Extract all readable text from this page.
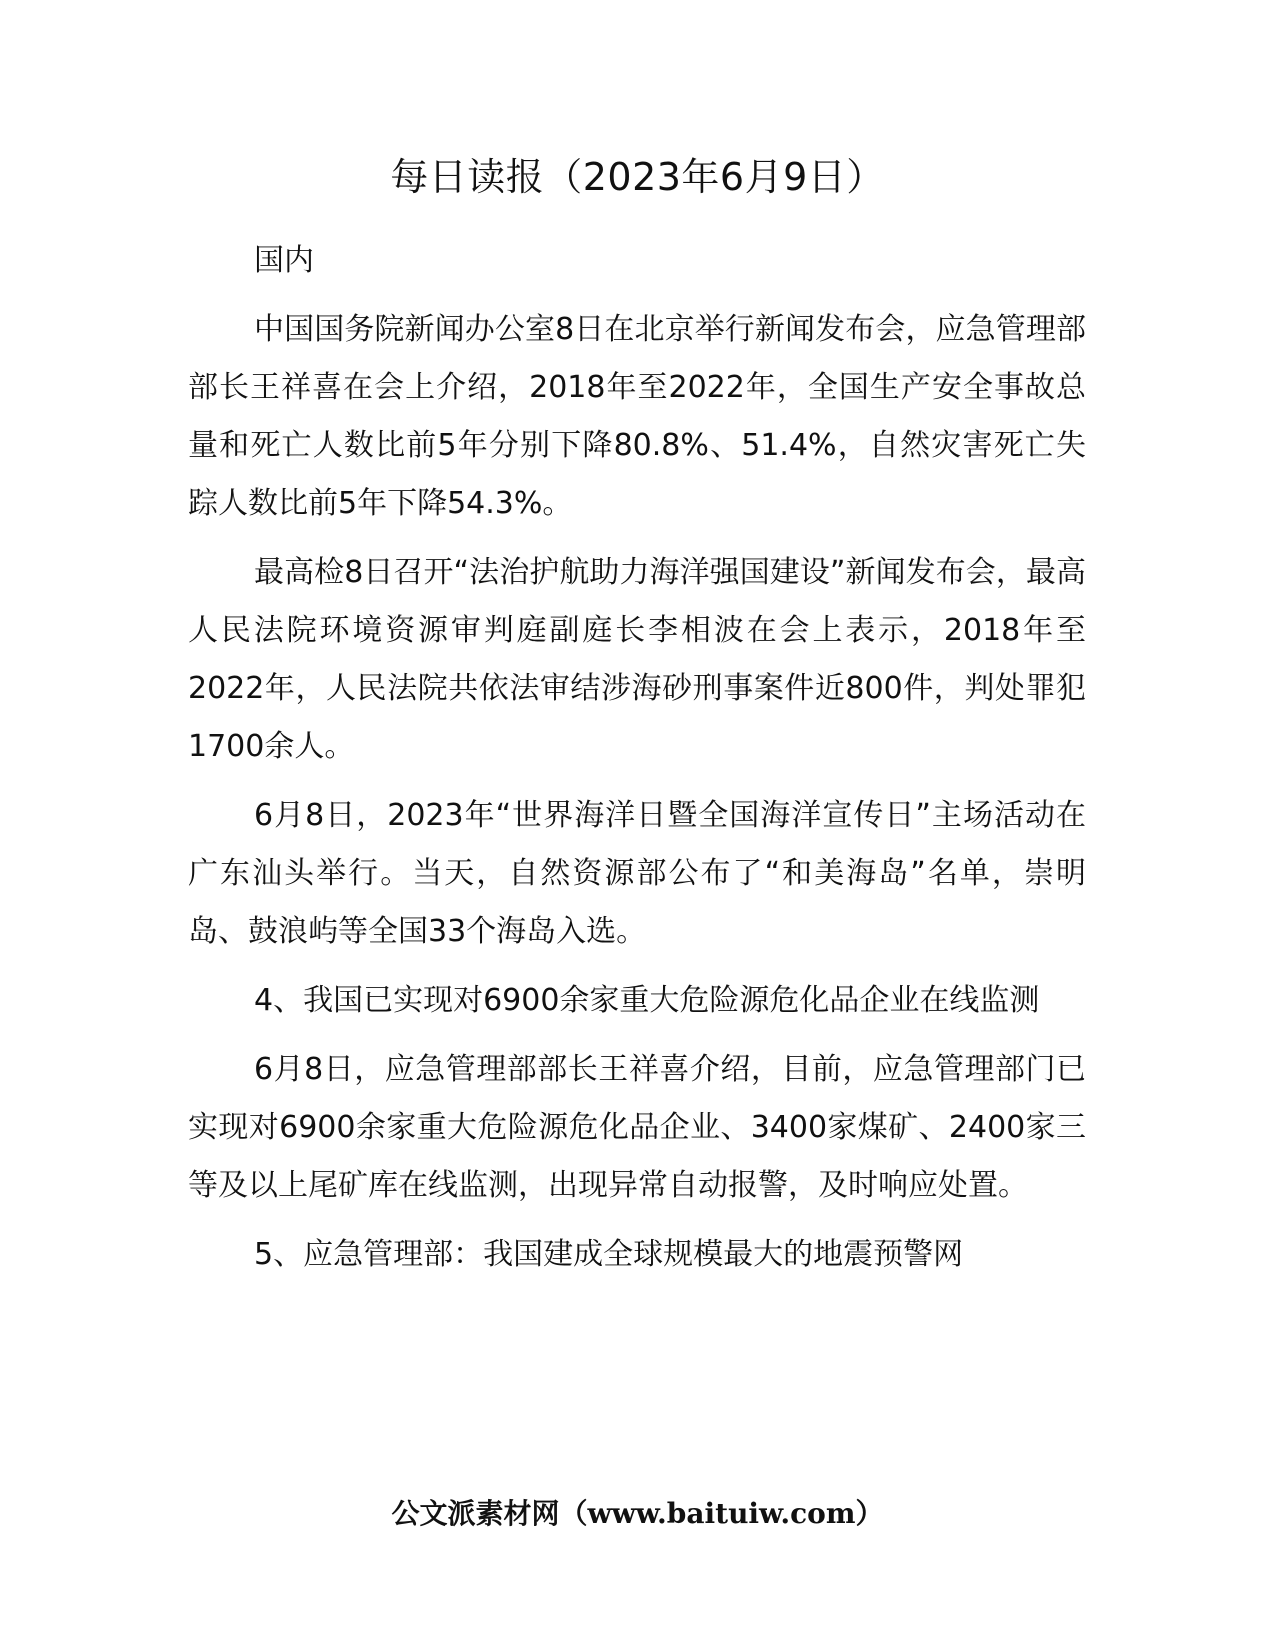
每日读报（2023年6月9日）

国内

中国国务院新闻办公室8日在北京举行新闻发布会，应急管理部部长王祥喜在会上介绍，2018年至2022年，全国生产安全事故总量和死亡人数比前5年分别下降80.8%、51.4%，自然灾害死亡失踪人数比前5年下降54.3%。

最高检8日召开“法治护航助力海洋强国建设”新闻发布会，最高人民法院环境资源审判庭副庭长李相波在会上表示，2018年至2022年，人民法院共依法审结涉海砂刑事案件近800件，判处罪犯1700余人。

6月8日，2023年“世界海洋日暨全国海洋宣传日”主场活动在广东汕头举行。当天，自然资源部公布了“和美海岛”名单，崇明岛、鼓浪屿等全国33个海岛入选。

4、我国已实现对6900余家重大危险源危化品企业在线监测

6月8日，应急管理部部长王祥喜介绍，目前，应急管理部门已实现对6900余家重大危险源危化品企业、3400家煤矿、2400家三等及以上尾矿库在线监测，出现异常自动报警，及时响应处置。

5、应急管理部：我国建成全球规模最大的地震预警网

公文派素材网（www.baituiw.com）
